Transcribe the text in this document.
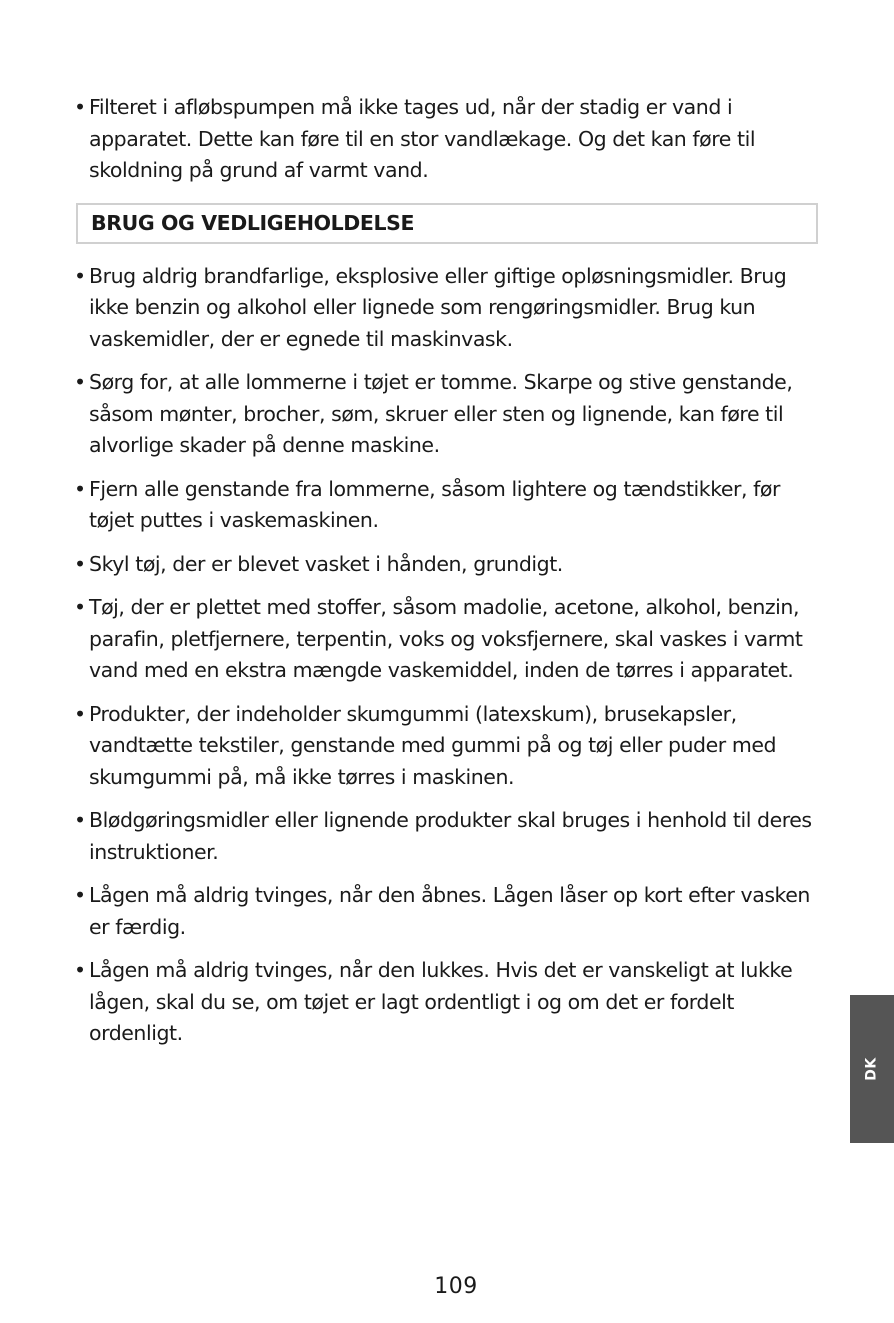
• Filteret i afløbspumpen må ikke tages ud, når der stadig er vand i apparatet. Dette kan føre til en stor vandlækage. Og det kan føre til skoldning på grund af varmt vand.
BRUG OG VEDLIGEHOLDELSE
• Brug aldrig brandfarlige, eksplosive eller giftige opløsningsmidler. Brug ikke benzin og alkohol eller lignede som rengøringsmidler. Brug kun vaskemidler, der er egnede til maskinvask.
• Sørg for, at alle lommerne i tøjet er tomme. Skarpe og stive genstande, såsom mønter, brocher, søm, skruer eller sten og lignende, kan føre til alvorlige skader på denne maskine.
• Fjern alle genstande fra lommerne, såsom lightere og tændstikker, før tøjet puttes i vaskemaskinen.
• Skyl tøj, der er blevet vasket i hånden, grundigt.
• Tøj, der er plettet med stoffer, såsom madolie, acetone, alkohol, benzin, parafin, pletfjernere, terpentin, voks og voksfjernere, skal vaskes i varmt vand med en ekstra mængde vaskemiddel, inden de tørres i apparatet.
• Produkter, der indeholder skumgummi (latexskum), brusekapsler, vandtætte tekstiler, genstande med gummi på og tøj eller puder med skumgummi på, må ikke tørres i maskinen.
• Blødgøringsmidler eller lignende produkter skal bruges i henhold til deres instruktioner.
• Lågen må aldrig tvinges, når den åbnes. Lågen låser op kort efter vasken er færdig.
• Lågen må aldrig tvinges, når den lukkes. Hvis det er vanskeligt at lukke lågen, skal du se, om tøjet er lagt ordentligt i og om det er fordelt ordenligt.
DK
109
